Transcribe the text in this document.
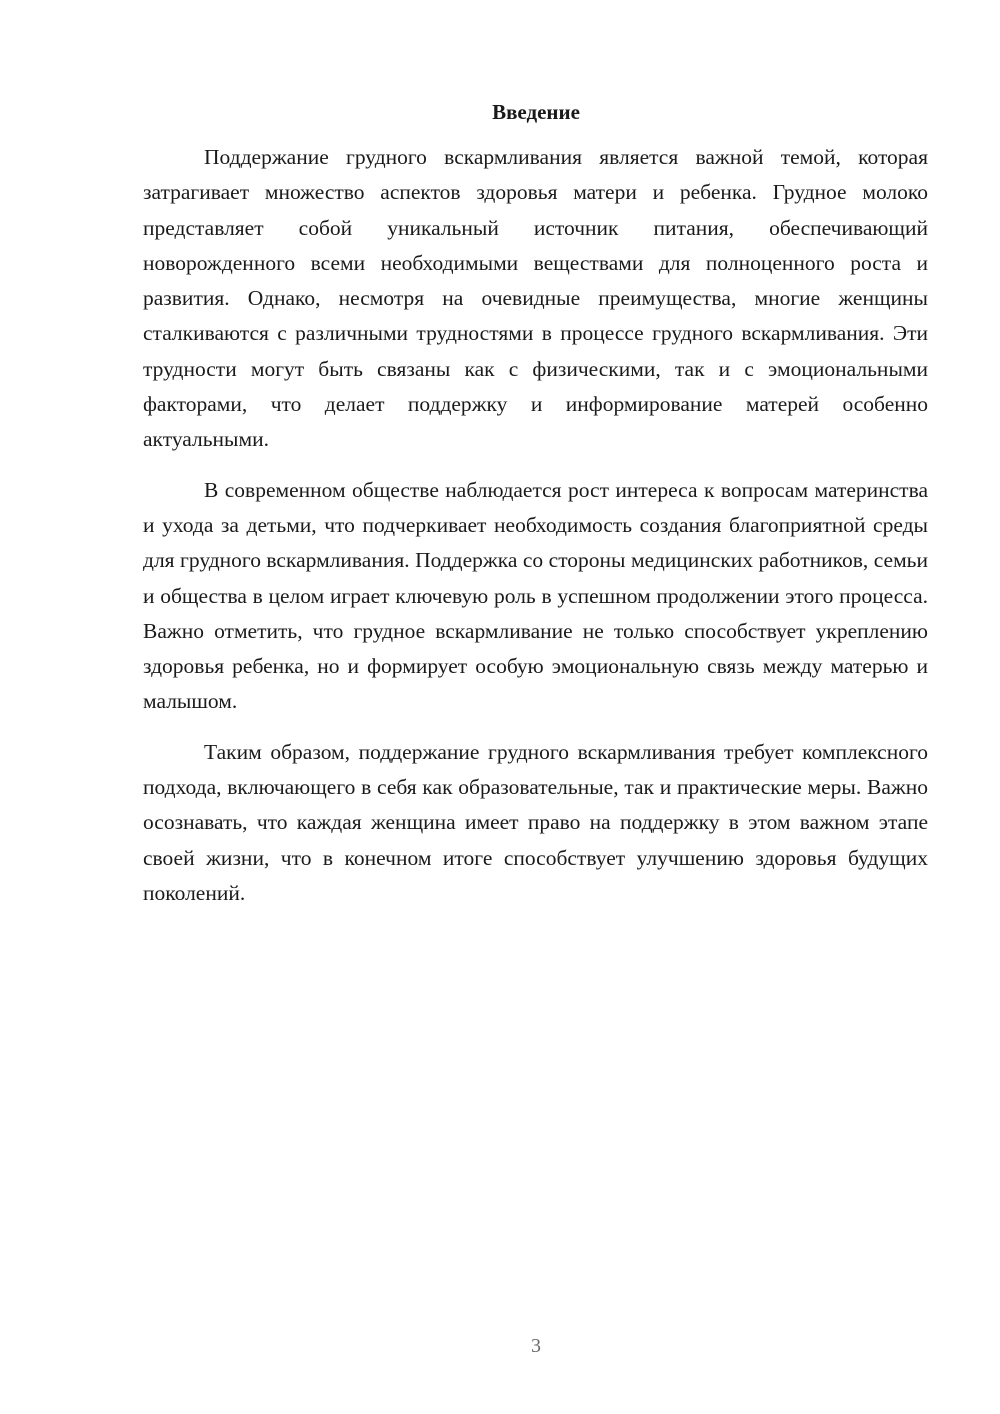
Введение

Поддержание грудного вскармливания является важной темой, которая затрагивает множество аспектов здоровья матери и ребенка. Грудное молоко представляет собой уникальный источник питания, обеспечивающий новорожденного всеми необходимыми веществами для полноценного роста и развития. Однако, несмотря на очевидные преимущества, многие женщины сталкиваются с различными трудностями в процессе грудного вскармливания. Эти трудности могут быть связаны как с физическими, так и с эмоциональными факторами, что делает поддержку и информирование матерей особенно актуальными.

В современном обществе наблюдается рост интереса к вопросам материнства и ухода за детьми, что подчеркивает необходимость создания благоприятной среды для грудного вскармливания. Поддержка со стороны медицинских работников, семьи и общества в целом играет ключевую роль в успешном продолжении этого процесса. Важно отметить, что грудное вскармливание не только способствует укреплению здоровья ребенка, но и формирует особую эмоциональную связь между матерью и малышом.

Таким образом, поддержание грудного вскармливания требует комплексного подхода, включающего в себя как образовательные, так и практические меры. Важно осознавать, что каждая женщина имеет право на поддержку в этом важном этапе своей жизни, что в конечном итоге способствует улучшению здоровья будущих поколений.

3
